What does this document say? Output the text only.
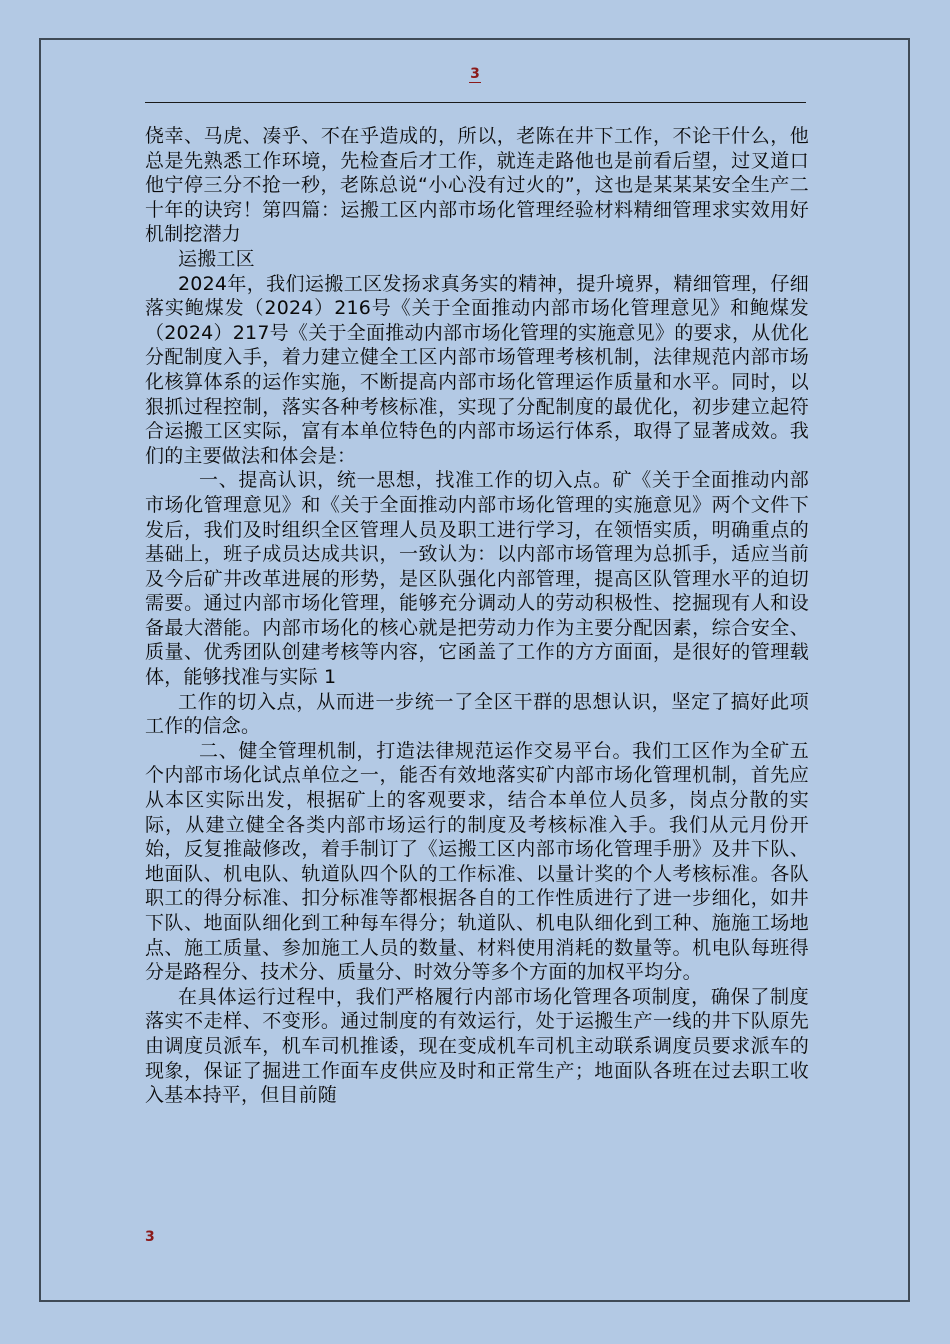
3

侥幸、马虎、凑乎、不在乎造成的，所以，老陈在井下工作，不论干什么，他总是先熟悉工作环境，先检查后才工作，就连走路他也是前看后望，过叉道口他宁停三分不抢一秒，老陈总说“小心没有过火的”，这也是某某某安全生产二十年的诀窍！第四篇：运搬工区内部市场化管理经验材料精细管理求实效用好机制挖潜力

运搬工区

2024年，我们运搬工区发扬求真务实的精神，提升境界，精细管理，仔细落实鲍煤发（2024）216号《关于全面推动内部市场化管理意见》和鲍煤发（2024）217号《关于全面推动内部市场化管理的实施意见》的要求，从优化分配制度入手，着力建立健全工区内部市场管理考核机制，法律规范内部市场化核算体系的运作实施，不断提高内部市场化管理运作质量和水平。同时，以狠抓过程控制，落实各种考核标准，实现了分配制度的最优化，初步建立起符合运搬工区实际，富有本单位特色的内部市场运行体系，取得了显著成效。我们的主要做法和体会是：

一、提高认识，统一思想，找准工作的切入点。矿《关于全面推动内部市场化管理意见》和《关于全面推动内部市场化管理的实施意见》两个文件下发后，我们及时组织全区管理人员及职工进行学习，在领悟实质，明确重点的基础上，班子成员达成共识，一致认为：以内部市场管理为总抓手，适应当前及今后矿井改革进展的形势，是区队强化内部管理，提高区队管理水平的迫切需要。通过内部市场化管理，能够充分调动人的劳动积极性、挖掘现有人和设备最大潜能。内部市场化的核心就是把劳动力作为主要分配因素，综合安全、质量、优秀团队创建考核等内容，它函盖了工作的方方面面，是很好的管理载体，能够找准与实际 1

工作的切入点，从而进一步统一了全区干群的思想认识，坚定了搞好此项工作的信念。

二、健全管理机制，打造法律规范运作交易平台。我们工区作为全矿五个内部市场化试点单位之一，能否有效地落实矿内部市场化管理机制，首先应从本区实际出发，根据矿上的客观要求，结合本单位人员多，岗点分散的实际，从建立健全各类内部市场运行的制度及考核标准入手。我们从元月份开始，反复推敲修改，着手制订了《运搬工区内部市场化管理手册》及井下队、地面队、机电队、轨道队四个队的工作标准、以量计奖的个人考核标准。各队职工的得分标准、扣分标准等都根据各自的工作性质进行了进一步细化，如井下队、地面队细化到工种每车得分；轨道队、机电队细化到工种、施施工场地点、施工质量、参加施工人员的数量、材料使用消耗的数量等。机电队每班得分是路程分、技术分、质量分、时效分等多个方面的加权平均分。

在具体运行过程中，我们严格履行内部市场化管理各项制度，确保了制度落实不走样、不变形。通过制度的有效运行，处于运搬生产一线的井下队原先由调度员派车，机车司机推诿，现在变成机车司机主动联系调度员要求派车的现象，保证了掘进工作面车皮供应及时和正常生产；地面队各班在过去职工收入基本持平，但目前随

3
